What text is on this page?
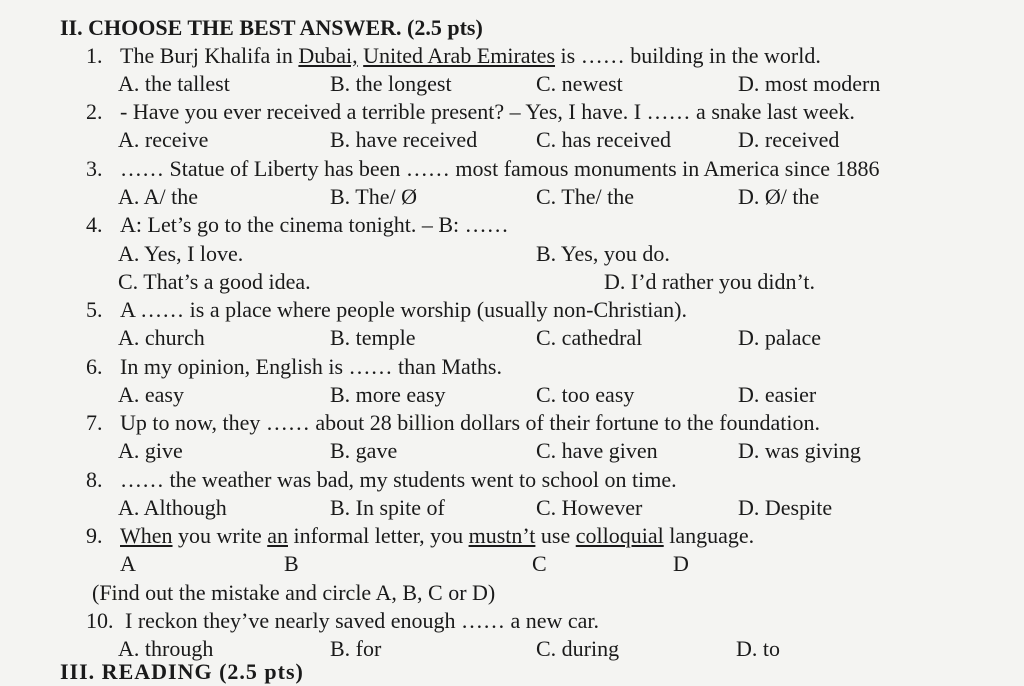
II. CHOOSE THE BEST ANSWER. (2.5 pts)
1. The Burj Khalifa in Dubai, United Arab Emirates is …… building in the world.
A. the tallest	B. the longest	C. newest	D. most modern
2. - Have you ever received a terrible present? – Yes, I have. I …… a snake last week.
A. receive	B. have received	C. has received	D. received
3. …… Statue of Liberty has been …… most famous monuments in America since 1886
A. A/ the	B. The/ Ø	C. The/ the	D. Ø/ the
4. A: Let’s go to the cinema tonight. – B: ……
A. Yes, I love.	B. Yes, you do.
C. That’s a good idea.	D. I’d rather you didn’t.
5. A …… is a place where people worship (usually non-Christian).
A. church	B. temple	C. cathedral	D. palace
6. In my opinion, English is …… than Maths.
A. easy	B. more easy	C. too easy	D. easier
7. Up to now, they …… about 28 billion dollars of their fortune to the foundation.
A. give	B. gave	C. have given	D. was giving
8. …… the weather was bad, my students went to school on time.
A. Although	B. In spite of	C. However	D. Despite
9. When you write an informal letter, you mustn’t use colloquial language.
A	B	C	D
(Find out the mistake and circle A, B, C or D)
10. I reckon they’ve nearly saved enough …… a new car.
A. through	B. for	C. during	D. to
III. READING (2.5 pts)
